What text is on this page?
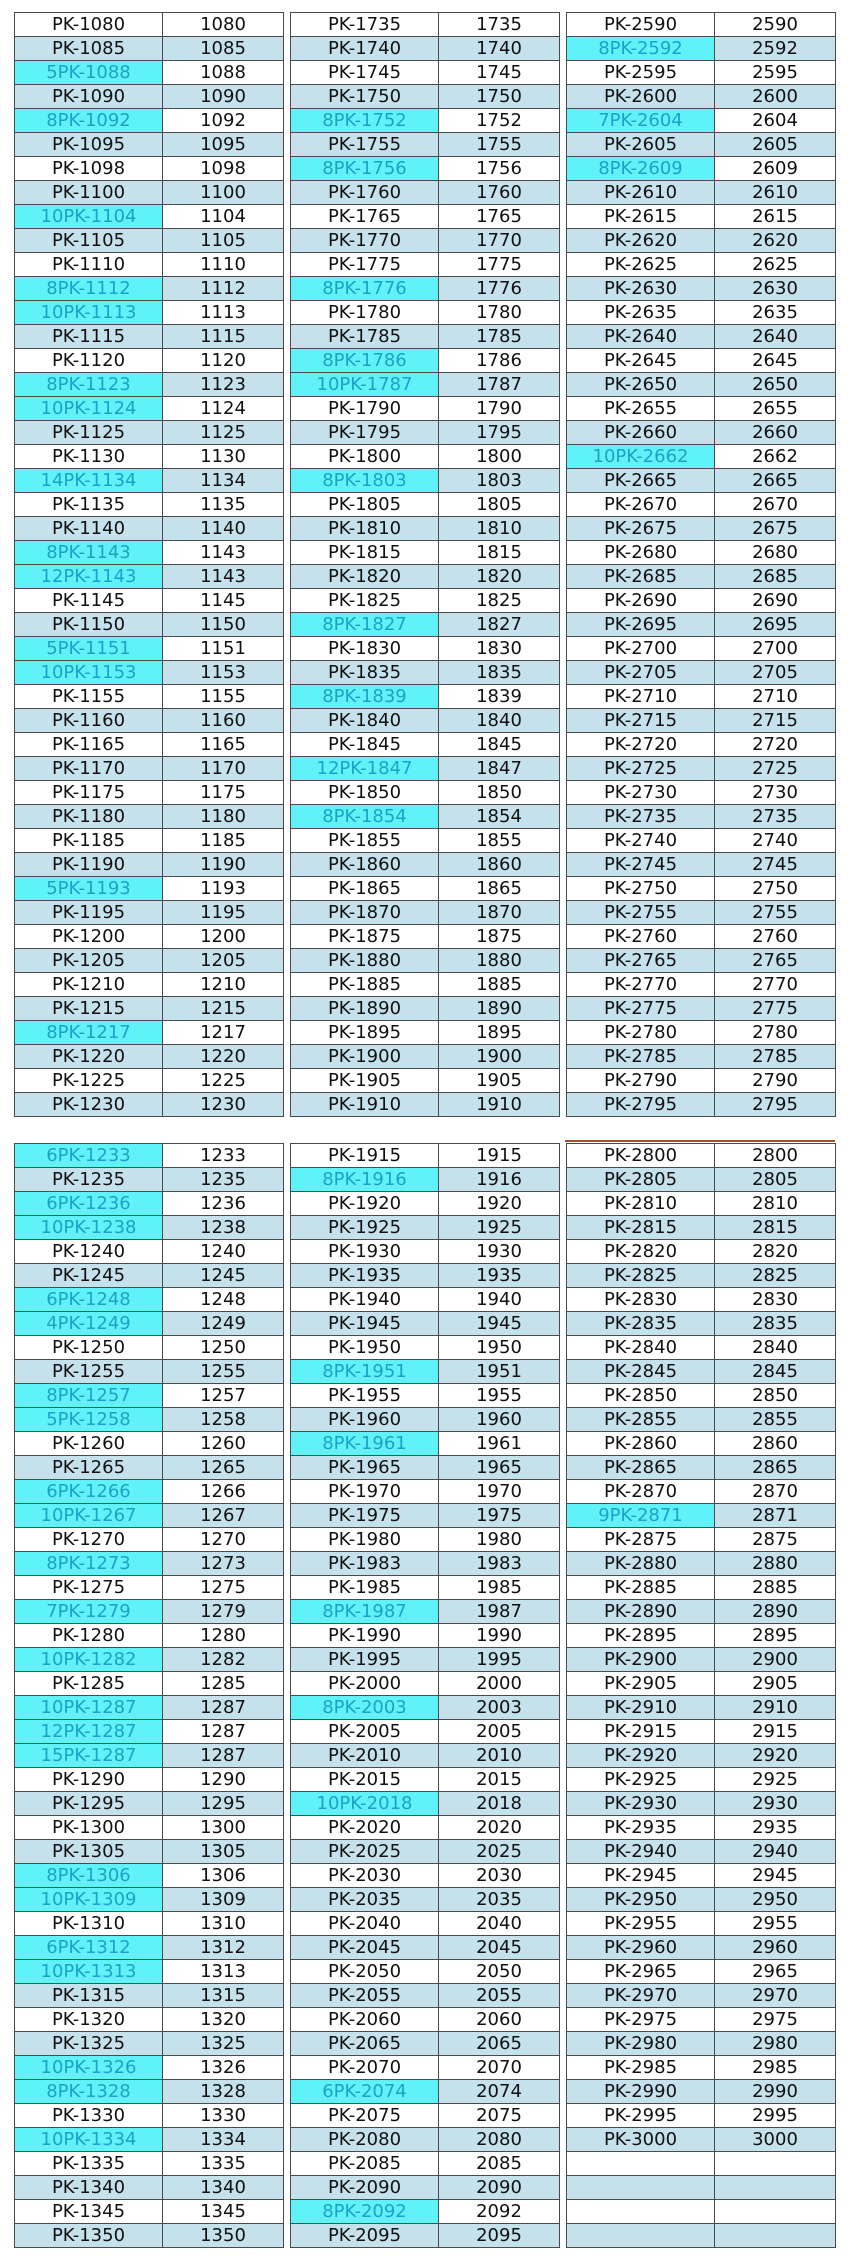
PK-1080	1080
PK-1085	1085
5PK-1088	1088
PK-1090	1090
8PK-1092	1092
PK-1095	1095
PK-1098	1098
PK-1100	1100
10PK-1104	1104
PK-1105	1105
PK-1110	1110
8PK-1112	1112
10PK-1113	1113
PK-1115	1115
PK-1120	1120
8PK-1123	1123
10PK-1124	1124
PK-1125	1125
PK-1130	1130
14PK-1134	1134
PK-1135	1135
PK-1140	1140
8PK-1143	1143
12PK-1143	1143
PK-1145	1145
PK-1150	1150
5PK-1151	1151
10PK-1153	1153
PK-1155	1155
PK-1160	1160
PK-1165	1165
PK-1170	1170
PK-1175	1175
PK-1180	1180
PK-1185	1185
PK-1190	1190
5PK-1193	1193
PK-1195	1195
PK-1200	1200
PK-1205	1205
PK-1210	1210
PK-1215	1215
8PK-1217	1217
PK-1220	1220
PK-1225	1225
PK-1230	1230
PK-1735	1735
PK-1740	1740
PK-1745	1745
PK-1750	1750
8PK-1752	1752
PK-1755	1755
8PK-1756	1756
PK-1760	1760
PK-1765	1765
PK-1770	1770
PK-1775	1775
8PK-1776	1776
PK-1780	1780
PK-1785	1785
8PK-1786	1786
10PK-1787	1787
PK-1790	1790
PK-1795	1795
PK-1800	1800
8PK-1803	1803
PK-1805	1805
PK-1810	1810
PK-1815	1815
PK-1820	1820
PK-1825	1825
8PK-1827	1827
PK-1830	1830
PK-1835	1835
8PK-1839	1839
PK-1840	1840
PK-1845	1845
12PK-1847	1847
PK-1850	1850
8PK-1854	1854
PK-1855	1855
PK-1860	1860
PK-1865	1865
PK-1870	1870
PK-1875	1875
PK-1880	1880
PK-1885	1885
PK-1890	1890
PK-1895	1895
PK-1900	1900
PK-1905	1905
PK-1910	1910
PK-2590	2590
8PK-2592	2592
PK-2595	2595
PK-2600	2600
7PK-2604	2604
PK-2605	2605
8PK-2609	2609
PK-2610	2610
PK-2615	2615
PK-2620	2620
PK-2625	2625
PK-2630	2630
PK-2635	2635
PK-2640	2640
PK-2645	2645
PK-2650	2650
PK-2655	2655
PK-2660	2660
10PK-2662	2662
PK-2665	2665
PK-2670	2670
PK-2675	2675
PK-2680	2680
PK-2685	2685
PK-2690	2690
PK-2695	2695
PK-2700	2700
PK-2705	2705
PK-2710	2710
PK-2715	2715
PK-2720	2720
PK-2725	2725
PK-2730	2730
PK-2735	2735
PK-2740	2740
PK-2745	2745
PK-2750	2750
PK-2755	2755
PK-2760	2760
PK-2765	2765
PK-2770	2770
PK-2775	2775
PK-2780	2780
PK-2785	2785
PK-2790	2790
PK-2795	2795
6PK-1233	1233
PK-1235	1235
6PK-1236	1236
10PK-1238	1238
PK-1240	1240
PK-1245	1245
6PK-1248	1248
4PK-1249	1249
PK-1250	1250
PK-1255	1255
8PK-1257	1257
5PK-1258	1258
PK-1260	1260
PK-1265	1265
6PK-1266	1266
10PK-1267	1267
PK-1270	1270
8PK-1273	1273
PK-1275	1275
7PK-1279	1279
PK-1280	1280
10PK-1282	1282
PK-1285	1285
10PK-1287	1287
12PK-1287	1287
15PK-1287	1287
PK-1290	1290
PK-1295	1295
PK-1300	1300
PK-1305	1305
8PK-1306	1306
10PK-1309	1309
PK-1310	1310
6PK-1312	1312
10PK-1313	1313
PK-1315	1315
PK-1320	1320
PK-1325	1325
10PK-1326	1326
8PK-1328	1328
PK-1330	1330
10PK-1334	1334
PK-1335	1335
PK-1340	1340
PK-1345	1345
PK-1350	1350
PK-1915	1915
8PK-1916	1916
PK-1920	1920
PK-1925	1925
PK-1930	1930
PK-1935	1935
PK-1940	1940
PK-1945	1945
PK-1950	1950
8PK-1951	1951
PK-1955	1955
PK-1960	1960
8PK-1961	1961
PK-1965	1965
PK-1970	1970
PK-1975	1975
PK-1980	1980
PK-1983	1983
PK-1985	1985
8PK-1987	1987
PK-1990	1990
PK-1995	1995
PK-2000	2000
8PK-2003	2003
PK-2005	2005
PK-2010	2010
PK-2015	2015
10PK-2018	2018
PK-2020	2020
PK-2025	2025
PK-2030	2030
PK-2035	2035
PK-2040	2040
PK-2045	2045
PK-2050	2050
PK-2055	2055
PK-2060	2060
PK-2065	2065
PK-2070	2070
6PK-2074	2074
PK-2075	2075
PK-2080	2080
PK-2085	2085
PK-2090	2090
8PK-2092	2092
PK-2095	2095
PK-2800	2800
PK-2805	2805
PK-2810	2810
PK-2815	2815
PK-2820	2820
PK-2825	2825
PK-2830	2830
PK-2835	2835
PK-2840	2840
PK-2845	2845
PK-2850	2850
PK-2855	2855
PK-2860	2860
PK-2865	2865
PK-2870	2870
9PK-2871	2871
PK-2875	2875
PK-2880	2880
PK-2885	2885
PK-2890	2890
PK-2895	2895
PK-2900	2900
PK-2905	2905
PK-2910	2910
PK-2915	2915
PK-2920	2920
PK-2925	2925
PK-2930	2930
PK-2935	2935
PK-2940	2940
PK-2945	2945
PK-2950	2950
PK-2955	2955
PK-2960	2960
PK-2965	2965
PK-2970	2970
PK-2975	2975
PK-2980	2980
PK-2985	2985
PK-2990	2990
PK-2995	2995
PK-3000	3000
